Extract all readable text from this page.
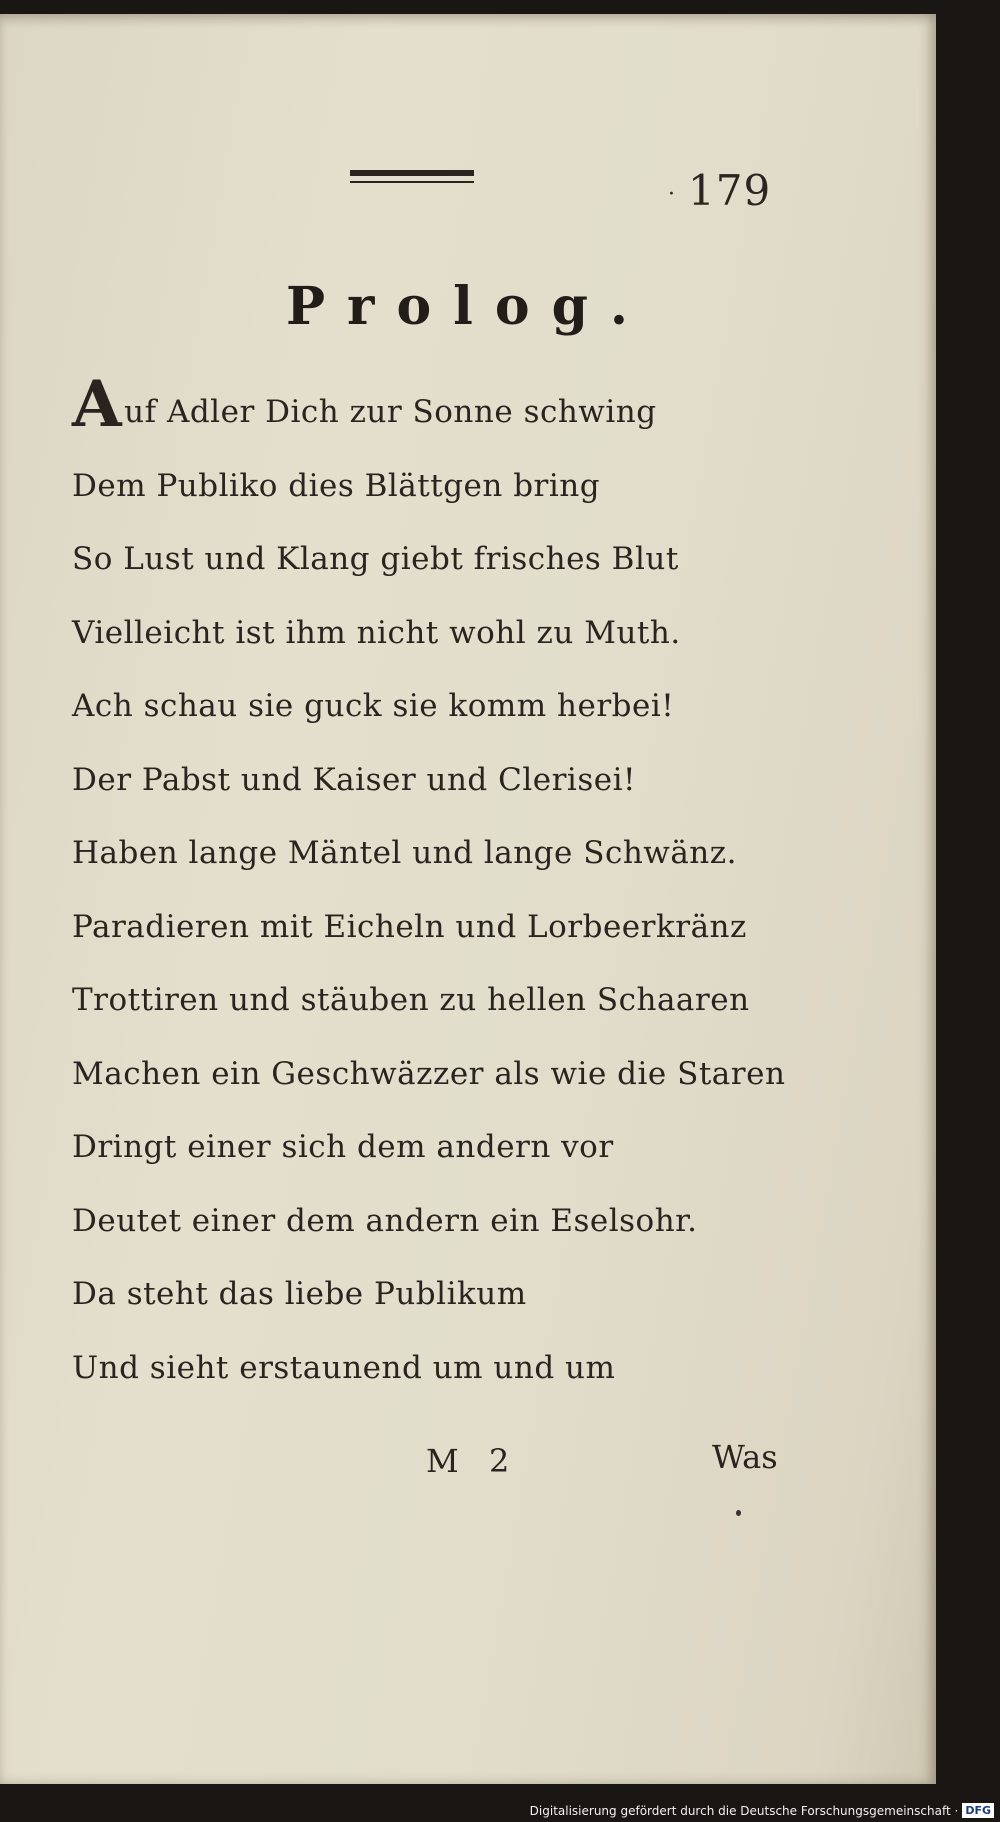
· 179
Prolog.
Auf Adler Dich zur Sonne schwing
Dem Publiko dies Blättgen bring
So Lust und Klang giebt frisches Blut
Vielleicht ist ihm nicht wohl zu Muth.
Ach schau sie guck sie komm herbei!
Der Pabst und Kaiser und Clerisei!
Haben lange Mäntel und lange Schwänz.
Paradieren mit Eicheln und Lorbeerkränz
Trottiren und stäuben zu hellen Schaaren
Machen ein Geschwäzzer als wie die Staren
Dringt einer sich dem andern vor
Deutet einer dem andern ein Eselsohr.
Da steht das liebe Publikum
Und sieht erstaunend um und um
M 2	Was
Digitalisierung gefördert durch die Deutsche Forschungsgemeinschaft · DFG
